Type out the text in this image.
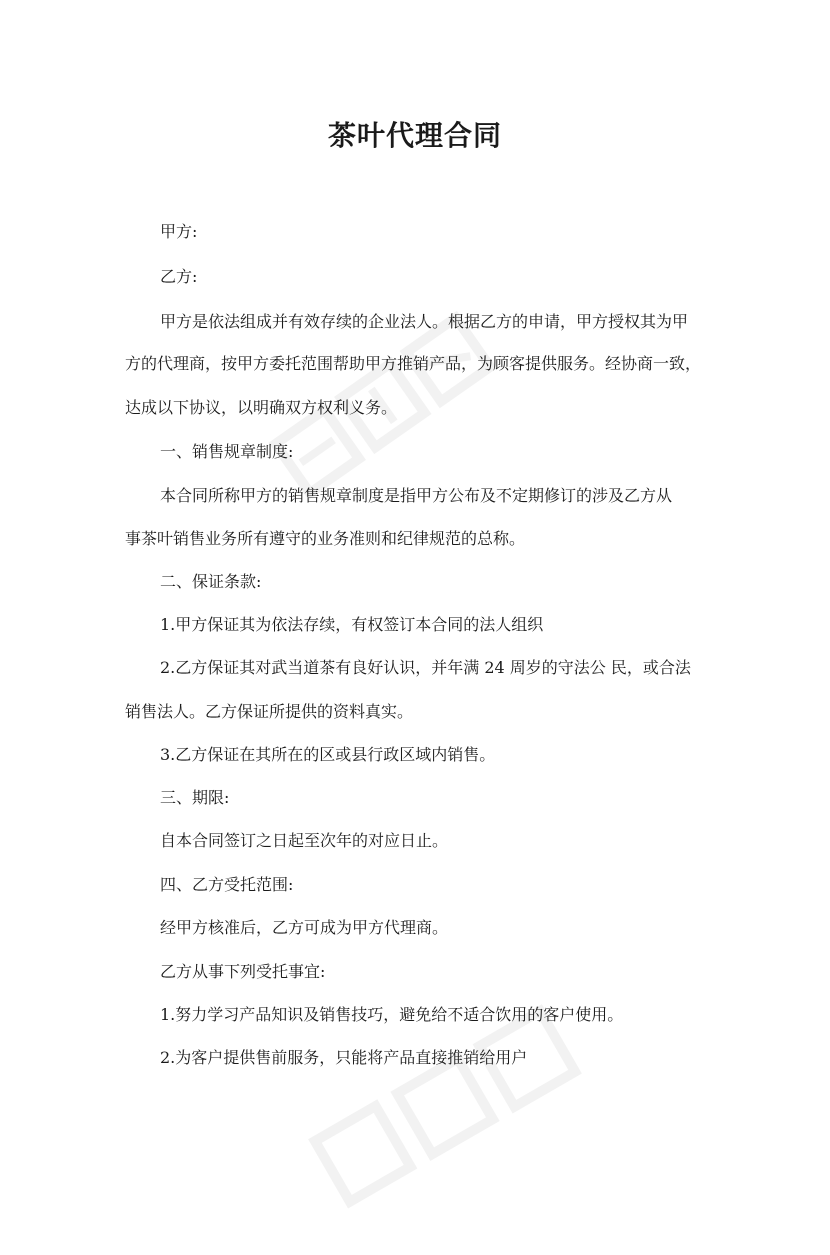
茶叶代理合同

甲方:

乙方:

甲方是依法组成并有效存续的企业法人。根据乙方的申请，甲方授权其为甲

方的代理商，按甲方委托范围帮助甲方推销产品，为顾客提供服务。经协商一致，

达成以下协议，以明确双方权利义务。

一、销售规章制度:

本合同所称甲方的销售规章制度是指甲方公布及不定期修订的涉及乙方从

事茶叶销售业务所有遵守的业务准则和纪律规范的总称。

二、保证条款:

1.甲方保证其为依法存续，有权签订本合同的法人组织

2.乙方保证其对武当道茶有良好认识，并年满 24 周岁的守法公 民，或合法

销售法人。乙方保证所提供的资料真实。

3.乙方保证在其所在的区或县行政区域内销售。

三、期限:

自本合同签订之日起至次年的对应日止。

四、乙方受托范围:

经甲方核准后，乙方可成为甲方代理商。

乙方从事下列受托事宜:

1.努力学习产品知识及销售技巧，避免给不适合饮用的客户使用。

2.为客户提供售前服务，只能将产品直接推销给用户
